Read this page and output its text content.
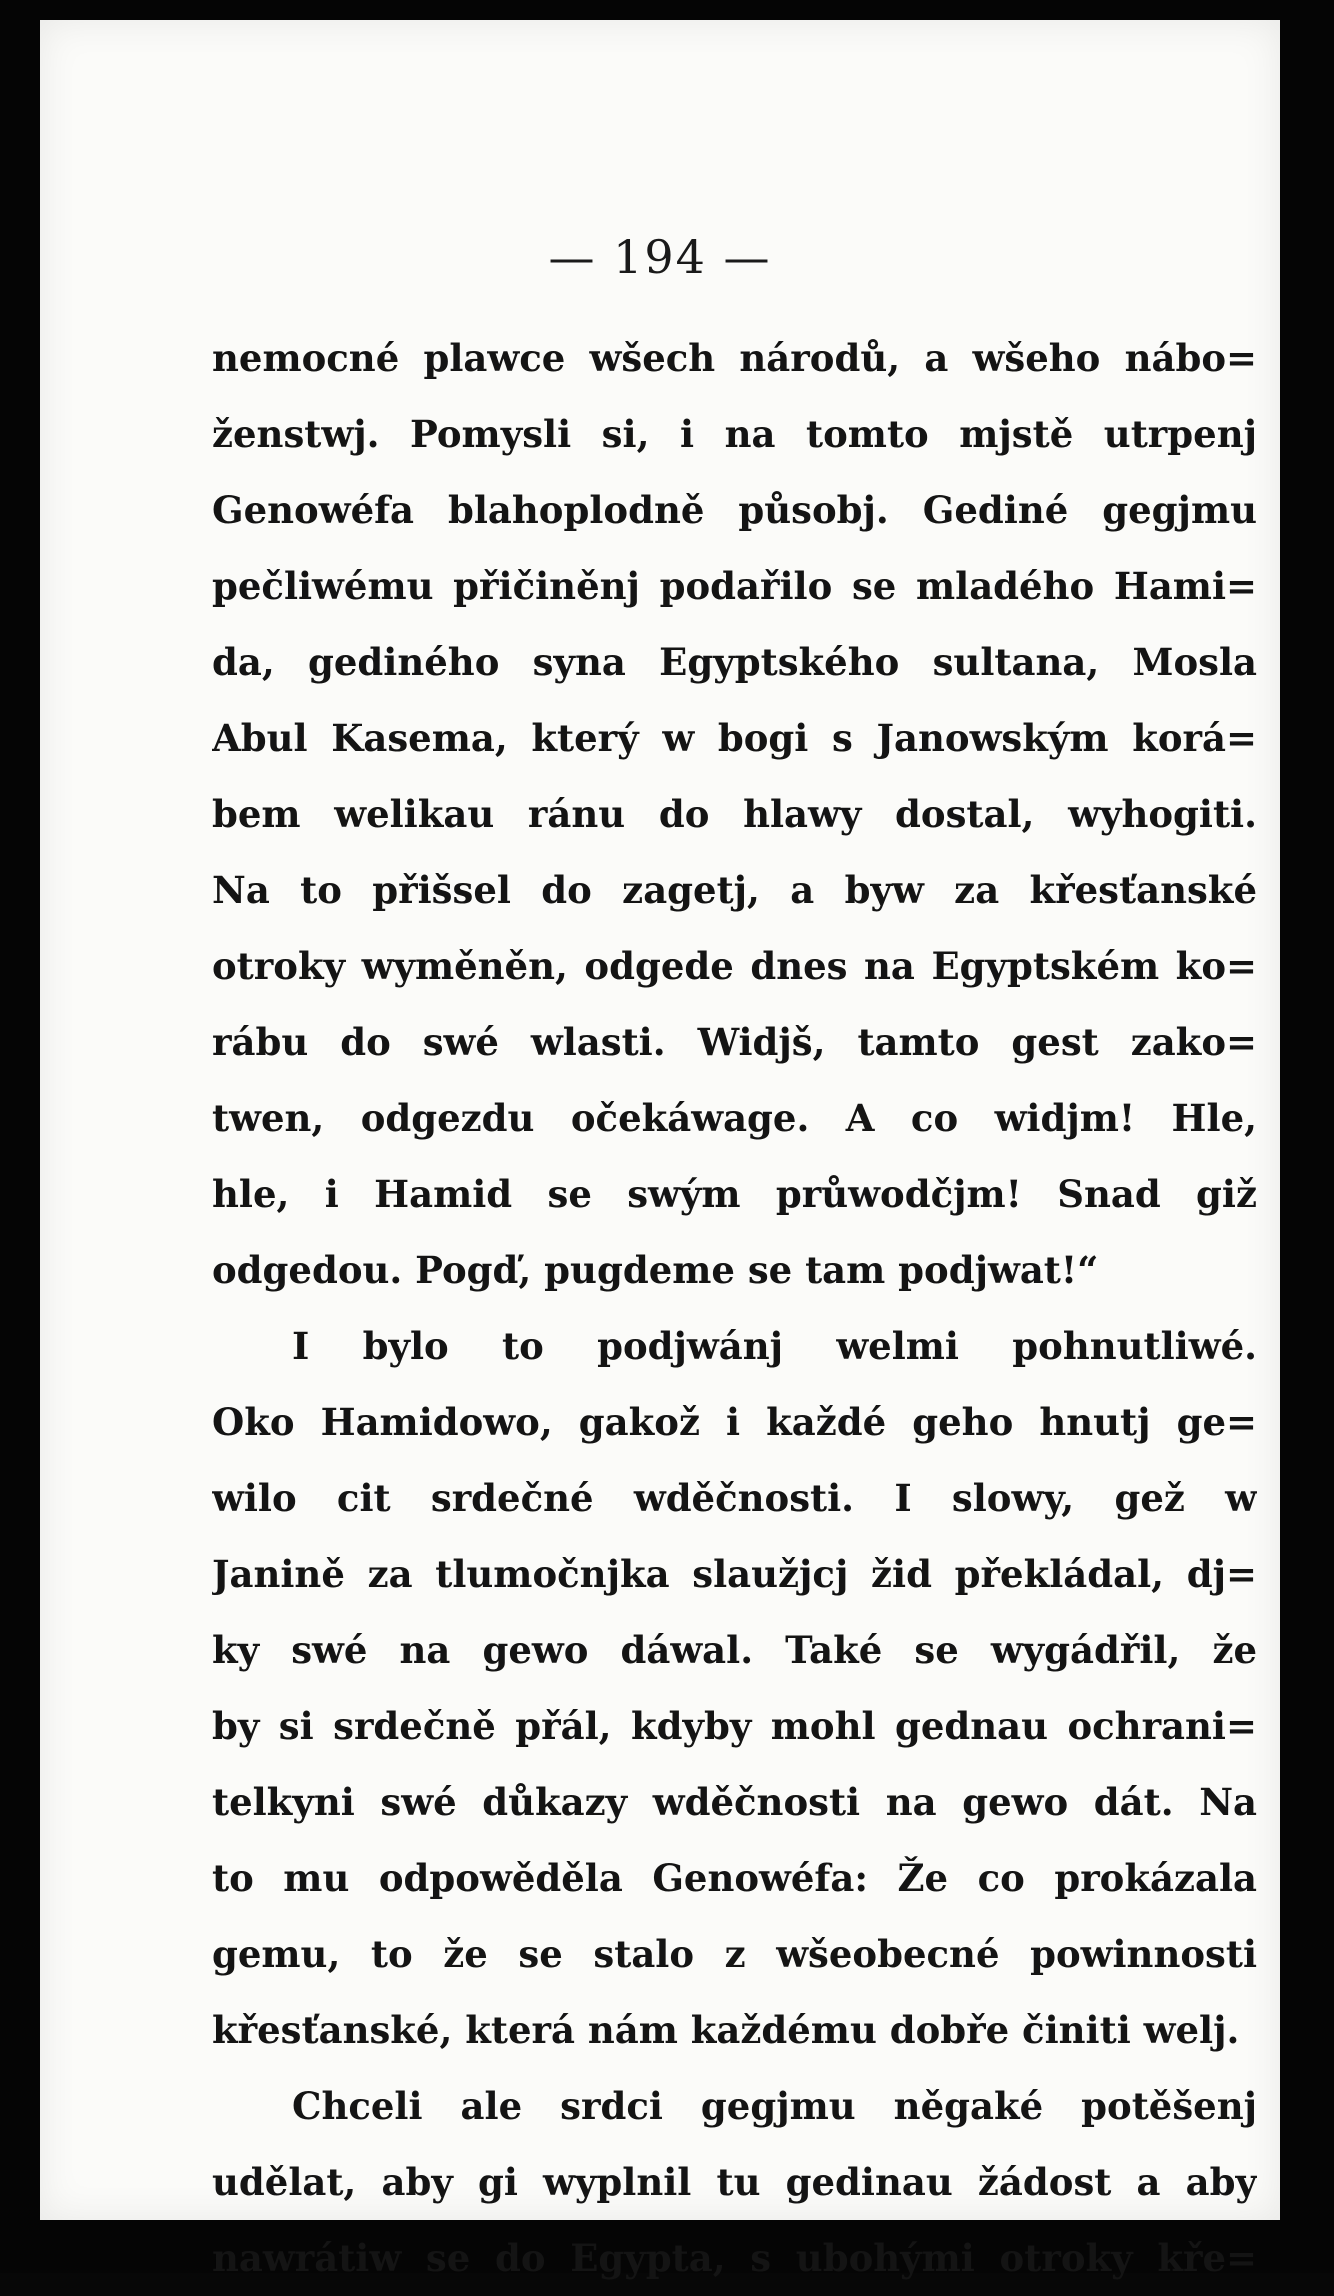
— 194 —
nemocné plawce wšech národů, a wšeho nábo=
ženstwj. Pomysli si, i na tomto mjstě utrpenj
Genowéfa blahoplodně působj. Gediné gegjmu
pečliwému přičiněnj podařilo se mladého Hami=
da, gediného syna Egyptského sultana, Mosla
Abul Kasema, který w bogi s Janowským korá=
bem welikau ránu do hlawy dostal, wyhogiti.
Na to přišsel do zagetj, a byw za křesťanské
otroky wyměněn, odgede dnes na Egyptském ko=
rábu do swé wlasti. Widjš, tamto gest zako=
twen, odgezdu očekáwage. A co widjm! Hle,
hle, i Hamid se swým průwodčjm! Snad giž
odgedou. Pogď, pugdeme se tam podjwat!“
I bylo to podjwánj welmi pohnutliwé.
Oko Hamidowo, gakož i každé geho hnutj ge=
wilo cit srdečné wděčnosti. I slowy, gež w
Janině za tlumočnjka slaužjcj žid překládal, dj=
ky swé na gewo dáwal. Také se wygádřil, že
by si srdečně přál, kdyby mohl gednau ochrani=
telkyni swé důkazy wděčnosti na gewo dát. Na
to mu odpowěděla Genowéfa: Že co prokázala
gemu, to že se stalo z wšeobecné powinnosti
křesťanské, která nám každému dobře činiti welj.
Chceli ale srdci gegjmu něgaké potěšenj
udělat, aby gi wyplnil tu gedinau žádost a aby
nawrátiw se do Egypta, s ubohými otroky kře=
